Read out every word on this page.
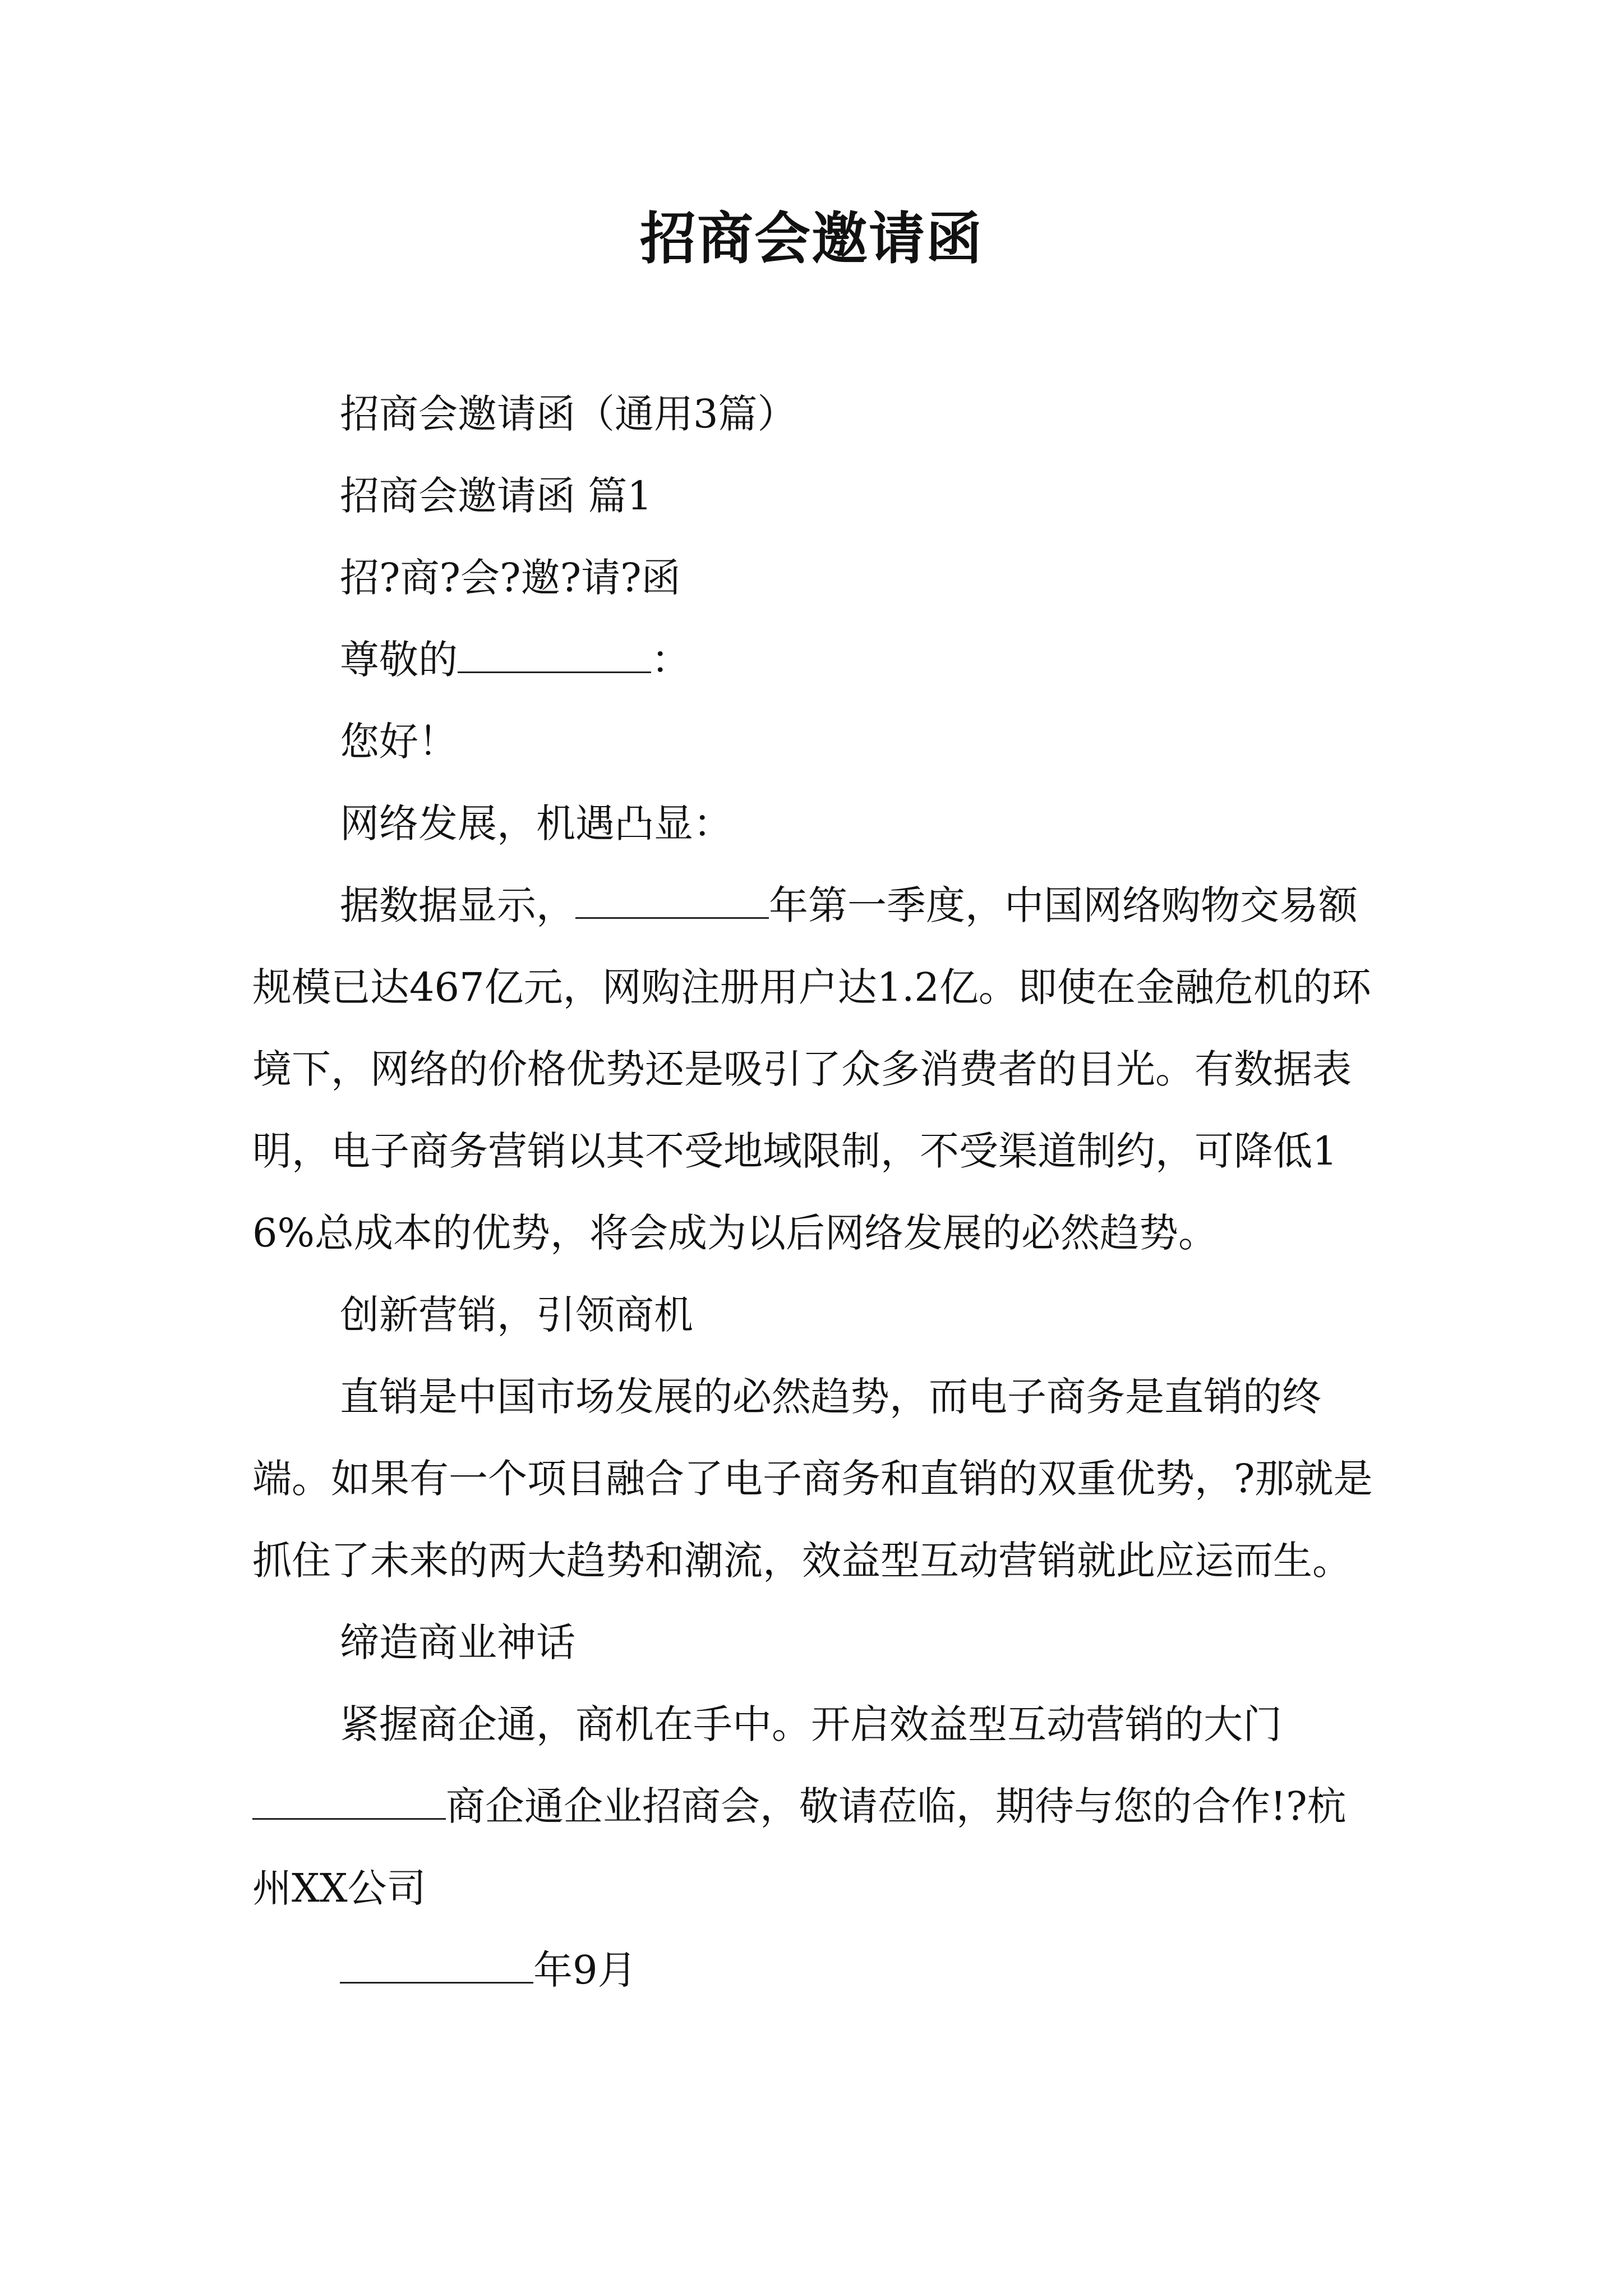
招商会邀请函

招商会邀请函（通用3篇）

招商会邀请函 篇1

招?商?会?邀?请?函

尊敬的	：

您好！

网络发展，机遇凸显：

据数据显示，	年第一季度，中国网络购物交易额规模已达467亿元，网购注册用户达1.2亿。即使在金融危机的环境下，网络的价格优势还是吸引了众多消费者的目光。有数据表明，电子商务营销以其不受地域限制，不受渠道制约，可降低16%总成本的优势，将会成为以后网络发展的必然趋势。

创新营销，引领商机

直销是中国市场发展的必然趋势，而电子商务是直销的终端。如果有一个项目融合了电子商务和直销的双重优势，?那就是抓住了未来的两大趋势和潮流，效益型互动营销就此应运而生。

缔造商业神话

紧握商企通，商机在手中。开启效益型互动营销的大门

商企通企业招商会，敬请莅临，期待与您的合作!?杭州XX公司

年9月
